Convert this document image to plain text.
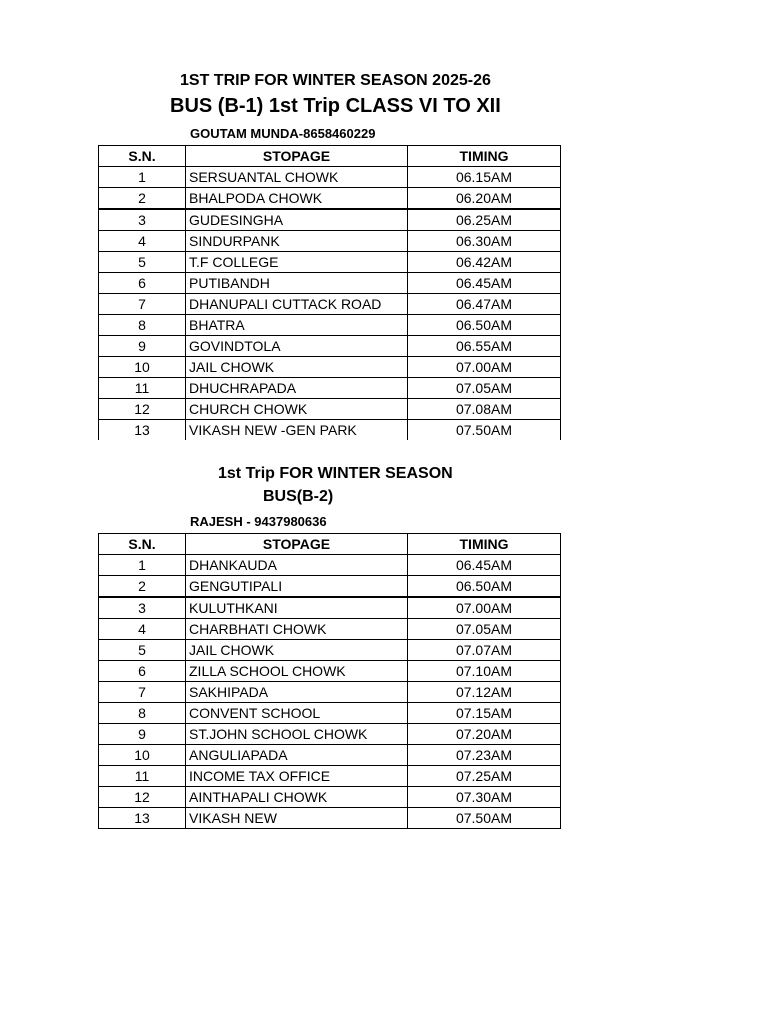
1ST TRIP FOR WINTER SEASON 2025-26
BUS (B-1) 1st Trip CLASS VI TO XII
GOUTAM MUNDA-8658460229
S.N.	STOPAGE	TIMING
1	SERSUANTAL CHOWK	06.15AM
2	BHALPODA CHOWK	06.20AM
3	GUDESINGHA	06.25AM
4	SINDURPANK	06.30AM
5	T.F COLLEGE	06.42AM
6	PUTIBANDH	06.45AM
7	DHANUPALI CUTTACK ROAD	06.47AM
8	BHATRA	06.50AM
9	GOVINDTOLA	06.55AM
10	JAIL CHOWK	07.00AM
11	DHUCHRAPADA	07.05AM
12	CHURCH CHOWK	07.08AM
13	VIKASH NEW -GEN PARK	07.50AM
1st Trip FOR WINTER SEASON
BUS(B-2)
RAJESH - 9437980636
S.N.	STOPAGE	TIMING
1	DHANKAUDA	06.45AM
2	GENGUTIPALI	06.50AM
3	KULUTHKANI	07.00AM
4	CHARBHATI CHOWK	07.05AM
5	JAIL CHOWK	07.07AM
6	ZILLA SCHOOL CHOWK	07.10AM
7	SAKHIPADA	07.12AM
8	CONVENT SCHOOL	07.15AM
9	ST.JOHN SCHOOL CHOWK	07.20AM
10	ANGULIAPADA	07.23AM
11	INCOME TAX OFFICE	07.25AM
12	AINTHAPALI CHOWK	07.30AM
13	VIKASH NEW	07.50AM
